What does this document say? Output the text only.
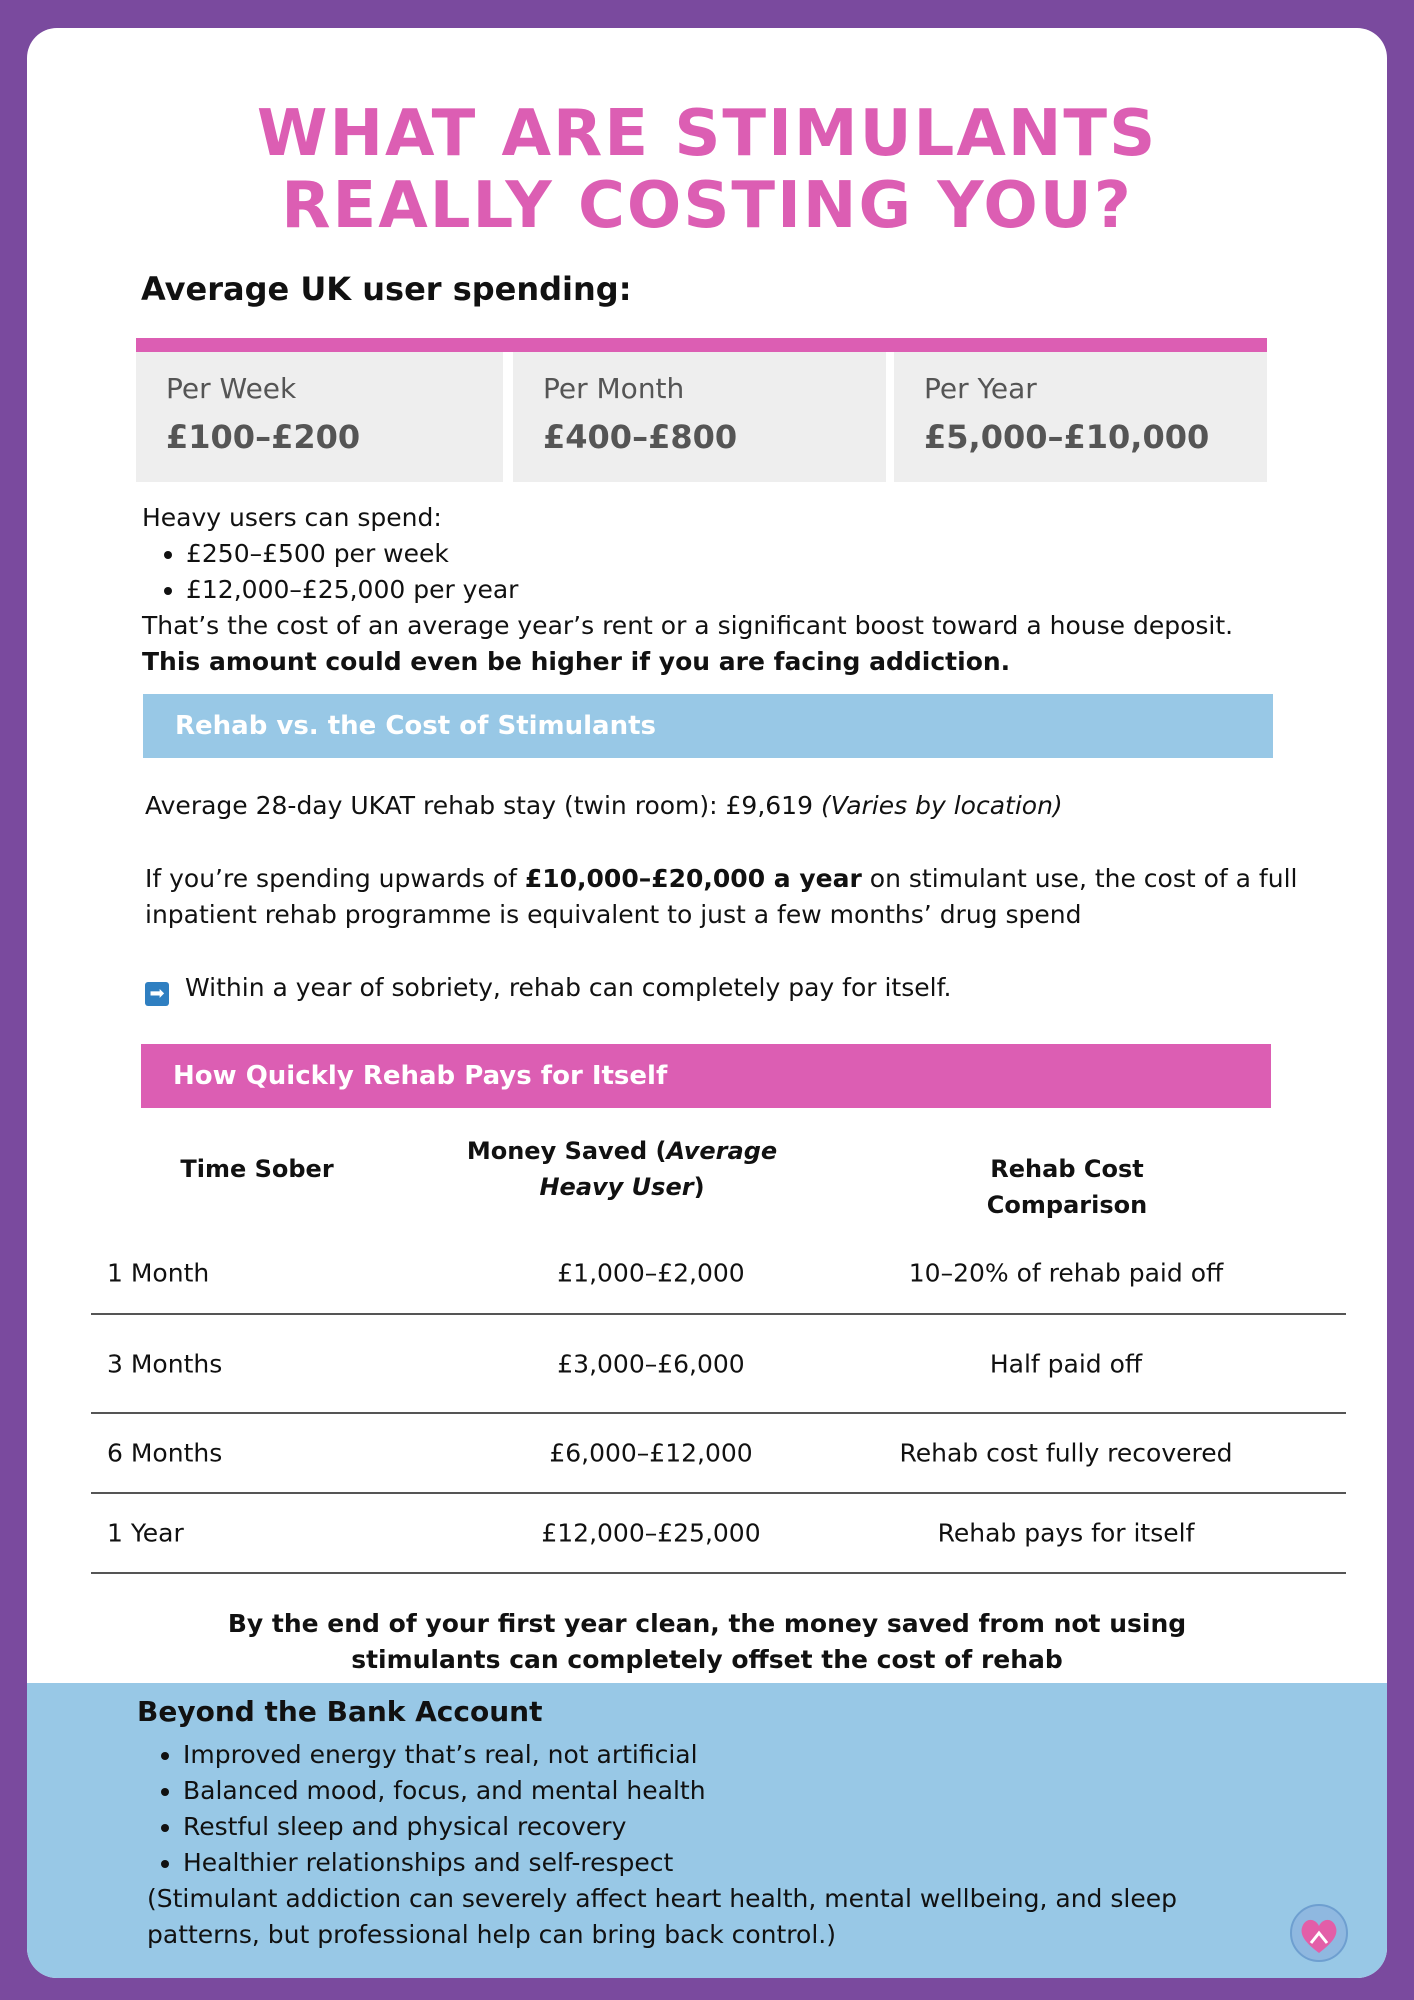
WHAT ARE STIMULANTS
REALLY COSTING YOU?
Average UK user spending:
Per Week
£100–£200
Per Month
£400–£800
Per Year
£5,000–£10,000

Heavy users can spend:

• £250–£500 per week
• £12,000–£25,000 per year

That’s the cost of an average year’s rent or a significant boost toward a house deposit.

This amount could even be higher if you are facing addiction.

Rehab vs. the Cost of Stimulants

Average 28-day UKAT rehab stay (twin room): £9,619 (Varies by location)

If you’re spending upwards of £10,000–£20,000 a year on stimulant use, the cost of a full inpatient rehab programme is equivalent to just a few months’ drug spend

➡ Within a year of sobriety, rehab can completely pay for itself.

How Quickly Rehab Pays for Itself
Time Sober
Money Saved (Average Heavy User)
Rehab Cost Comparison
1 Month	£1,000–£2,000	10–20% of rehab paid off
3 Months	£3,000–£6,000	Half paid off
6 Months	£6,000–£12,000	Rehab cost fully recovered
1 Year	£12,000–£25,000	Rehab pays for itself

By the end of your first year clean, the money saved from not using stimulants can completely offset the cost of rehab

Beyond the Bank Account
• Improved energy that’s real, not artificial
• Balanced mood, focus, and mental health
• Restful sleep and physical recovery
• Healthier relationships and self-respect

(Stimulant addiction can severely affect heart health, mental wellbeing, and sleep patterns, but professional help can bring back control.)
